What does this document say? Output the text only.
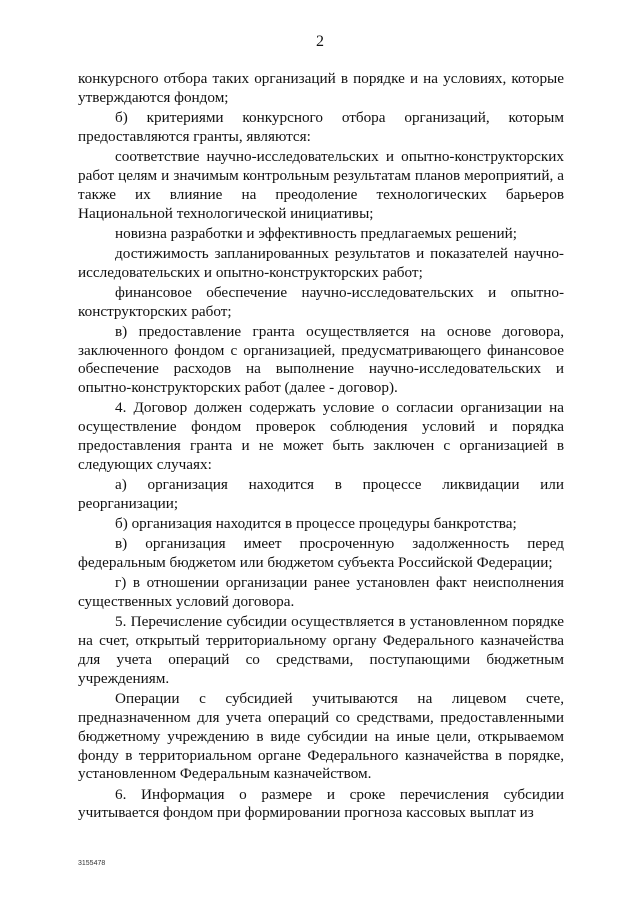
2

конкурсного отбора таких организаций в порядке и на условиях, которые утверждаются фондом;

б) критериями конкурсного отбора организаций, которым предоставляются гранты, являются:

соответствие научно-исследовательских и опытно-конструкторских работ целям и значимым контрольным результатам планов мероприятий, а также их влияние на преодоление технологических барьеров Национальной технологической инициативы;

новизна разработки и эффективность предлагаемых решений;

достижимость запланированных результатов и показателей научно-исследовательских и опытно-конструкторских работ;

финансовое обеспечение научно-исследовательских и опытно-конструкторских работ;

в) предоставление гранта осуществляется на основе договора, заключенного фондом с организацией, предусматривающего финансовое обеспечение расходов на выполнение научно-исследовательских и опытно-конструкторских работ (далее - договор).

4. Договор должен содержать условие о согласии организации на осуществление фондом проверок соблюдения условий и порядка предоставления гранта и не может быть заключен с организацией в следующих случаях:

а) организация находится в процессе ликвидации или реорганизации;

б) организация находится в процессе процедуры банкротства;

в) организация имеет просроченную задолженность перед федеральным бюджетом или бюджетом субъекта Российской Федерации;

г) в отношении организации ранее установлен факт неисполнения существенных условий договора.

5. Перечисление субсидии осуществляется в установленном порядке на счет, открытый территориальному органу Федерального казначейства для учета операций со средствами, поступающими бюджетным учреждениям.

Операции с субсидией учитываются на лицевом счете, предназначенном для учета операций со средствами, предоставленными бюджетному учреждению в виде субсидии на иные цели, открываемом фонду в территориальном органе Федерального казначейства в порядке, установленном Федеральным казначейством.

6. Информация о размере и сроке перечисления субсидии учитывается фондом при формировании прогноза кассовых выплат из

3155478
